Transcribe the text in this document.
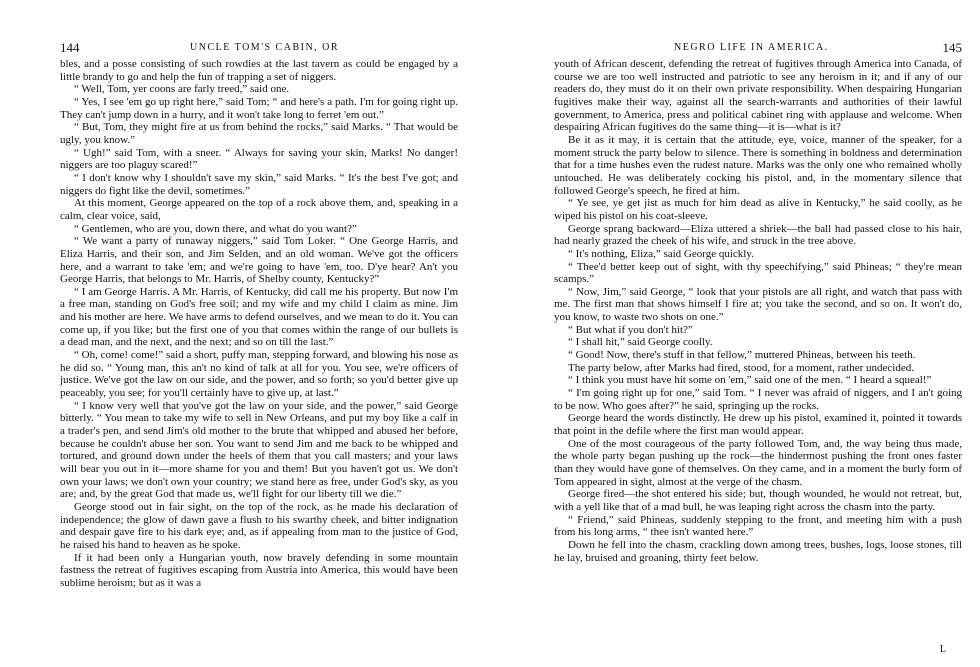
144	UNCLE TOM'S CABIN, OR

bles, and a posse consisting of such rowdies at the last tavern as could be engaged by a little brandy to go and help the fun of trapping a set of niggers.

“ Well, Tom, yer coons are farly treed,” said one.

“ Yes, I see 'em go up right here,” said Tom; “ and here's a path. I'm for going right up. They can't jump down in a hurry, and it won't take long to ferret 'em out.”

“ But, Tom, they might fire at us from behind the rocks,” said Marks. “ That would be ugly, you know.”

“ Ugh!” said Tom, with a sneer. “ Always for saving your skin, Marks! No danger! niggers are too plaguy scared!”

“ I don't know why I shouldn't save my skin,” said Marks. “ It's the best I've got; and niggers do fight like the devil, sometimes.”

At this moment, George appeared on the top of a rock above them, and, speaking in a calm, clear voice, said,

“ Gentlemen, who are you, down there, and what do you want?”

“ We want a party of runaway niggers,” said Tom Loker. “ One George Harris, and Eliza Harris, and their son, and Jim Selden, and an old woman. We've got the officers here, and a warrant to take 'em; and we're going to have 'em, too. D'ye hear? An't you George Harris, that belongs to Mr. Harris, of Shelby county, Kentucky?”

“ I am George Harris. A Mr. Harris, of Kentucky, did call me his property. But now I'm a free man, standing on God's free soil; and my wife and my child I claim as mine. Jim and his mother are here. We have arms to defend ourselves, and we mean to do it. You can come up, if you like; but the first one of you that comes within the range of our bullets is a dead man, and the next, and the next; and so on till the last.”

“ Oh, come! come!” said a short, puffy man, stepping forward, and blowing his nose as he did so. “ Young man, this an't no kind of talk at all for you. You see, we're officers of justice. We've got the law on our side, and the power, and so forth; so you'd better give up peaceably, you see; for you'll certainly have to give up, at last.”

“ I know very well that you've got the law on your side, and the power,” said George bitterly. “ You mean to take my wife to sell in New Orleans, and put my boy like a calf in a trader's pen, and send Jim's old mother to the brute that whipped and abused her before, because he couldn't abuse her son. You want to send Jim and me back to be whipped and tortured, and ground down under the heels of them that you call masters; and your laws will bear you out in it—more shame for you and them! But you haven't got us. We don't own your laws; we don't own your country; we stand here as free, under God's sky, as you are; and, by the great God that made us, we'll fight for our liberty till we die.”

George stood out in fair sight, on the top of the rock, as he made his declaration of independence; the glow of dawn gave a flush to his swarthy cheek, and bitter indignation and despair gave fire to his dark eye; and, as if appealing from man to the justice of God, he raised his hand to heaven as he spoke.

If it had been only a Hungarian youth, now bravely defending in some mountain fastness the retreat of fugitives escaping from Austria into America, this would have been sublime heroism; but as it was a

NEGRO LIFE IN AMERICA.	145

youth of African descent, defending the retreat of fugitives through America into Canada, of course we are too well instructed and patriotic to see any heroism in it; and if any of our readers do, they must do it on their own private responsibility. When despairing Hungarian fugitives make their way, against all the search-warrants and authorities of their lawful government, to America, press and political cabinet ring with applause and welcome. When despairing African fugitives do the same thing—it is—what is it?

Be it as it may, it is certain that the attitude, eye, voice, manner of the speaker, for a moment struck the party below to silence. There is something in boldness and determination that for a time hushes even the rudest nature. Marks was the only one who remained wholly untouched. He was deliberately cocking his pistol, and, in the momentary silence that followed George's speech, he fired at him.

“ Ye see, ye get jist as much for him dead as alive in Kentucky,” he said coolly, as he wiped his pistol on his coat-sleeve.

George sprang backward—Eliza uttered a shriek—the ball had passed close to his hair, had nearly grazed the cheek of his wife, and struck in the tree above.

“ It's nothing, Eliza,” said George quickly.

“ Thee'd better keep out of sight, with thy speechifying,” said Phineas; “ they're mean scamps.”

“ Now, Jim,” said George, “ look that your pistols are all right, and watch that pass with me. The first man that shows himself I fire at; you take the second, and so on. It won't do, you know, to waste two shots on one.”

“ But what if you don't hit?”

“ I shall hit,” said George coolly.

“ Good! Now, there's stuff in that fellow,” muttered Phineas, between his teeth.

The party below, after Marks had fired, stood, for a moment, rather undecided.

“ I think you must have hit some on 'em,” said one of the men. “ I heard a squeal!”

“ I'm going right up for one,” said Tom. “ I never was afraid of niggers, and I an't going to be now. Who goes after?” he said, springing up the rocks.

George heard the words distinctly. He drew up his pistol, examined it, pointed it towards that point in the defile where the first man would appear.

One of the most courageous of the party followed Tom, and, the way being thus made, the whole party began pushing up the rock—the hindermost pushing the front ones faster than they would have gone of themselves. On they came, and in a moment the burly form of Tom appeared in sight, almost at the verge of the chasm.

George fired—the shot entered his side; but, though wounded, he would not retreat, but, with a yell like that of a mad bull, he was leaping right across the chasm into the party.

“ Friend,” said Phineas, suddenly stepping to the front, and meeting him with a push from his long arms, “ thee isn't wanted here.”

Down he fell into the chasm, crackling down among trees, bushes, logs, loose stones, till he lay, bruised and groaning, thirty feet below.

L
